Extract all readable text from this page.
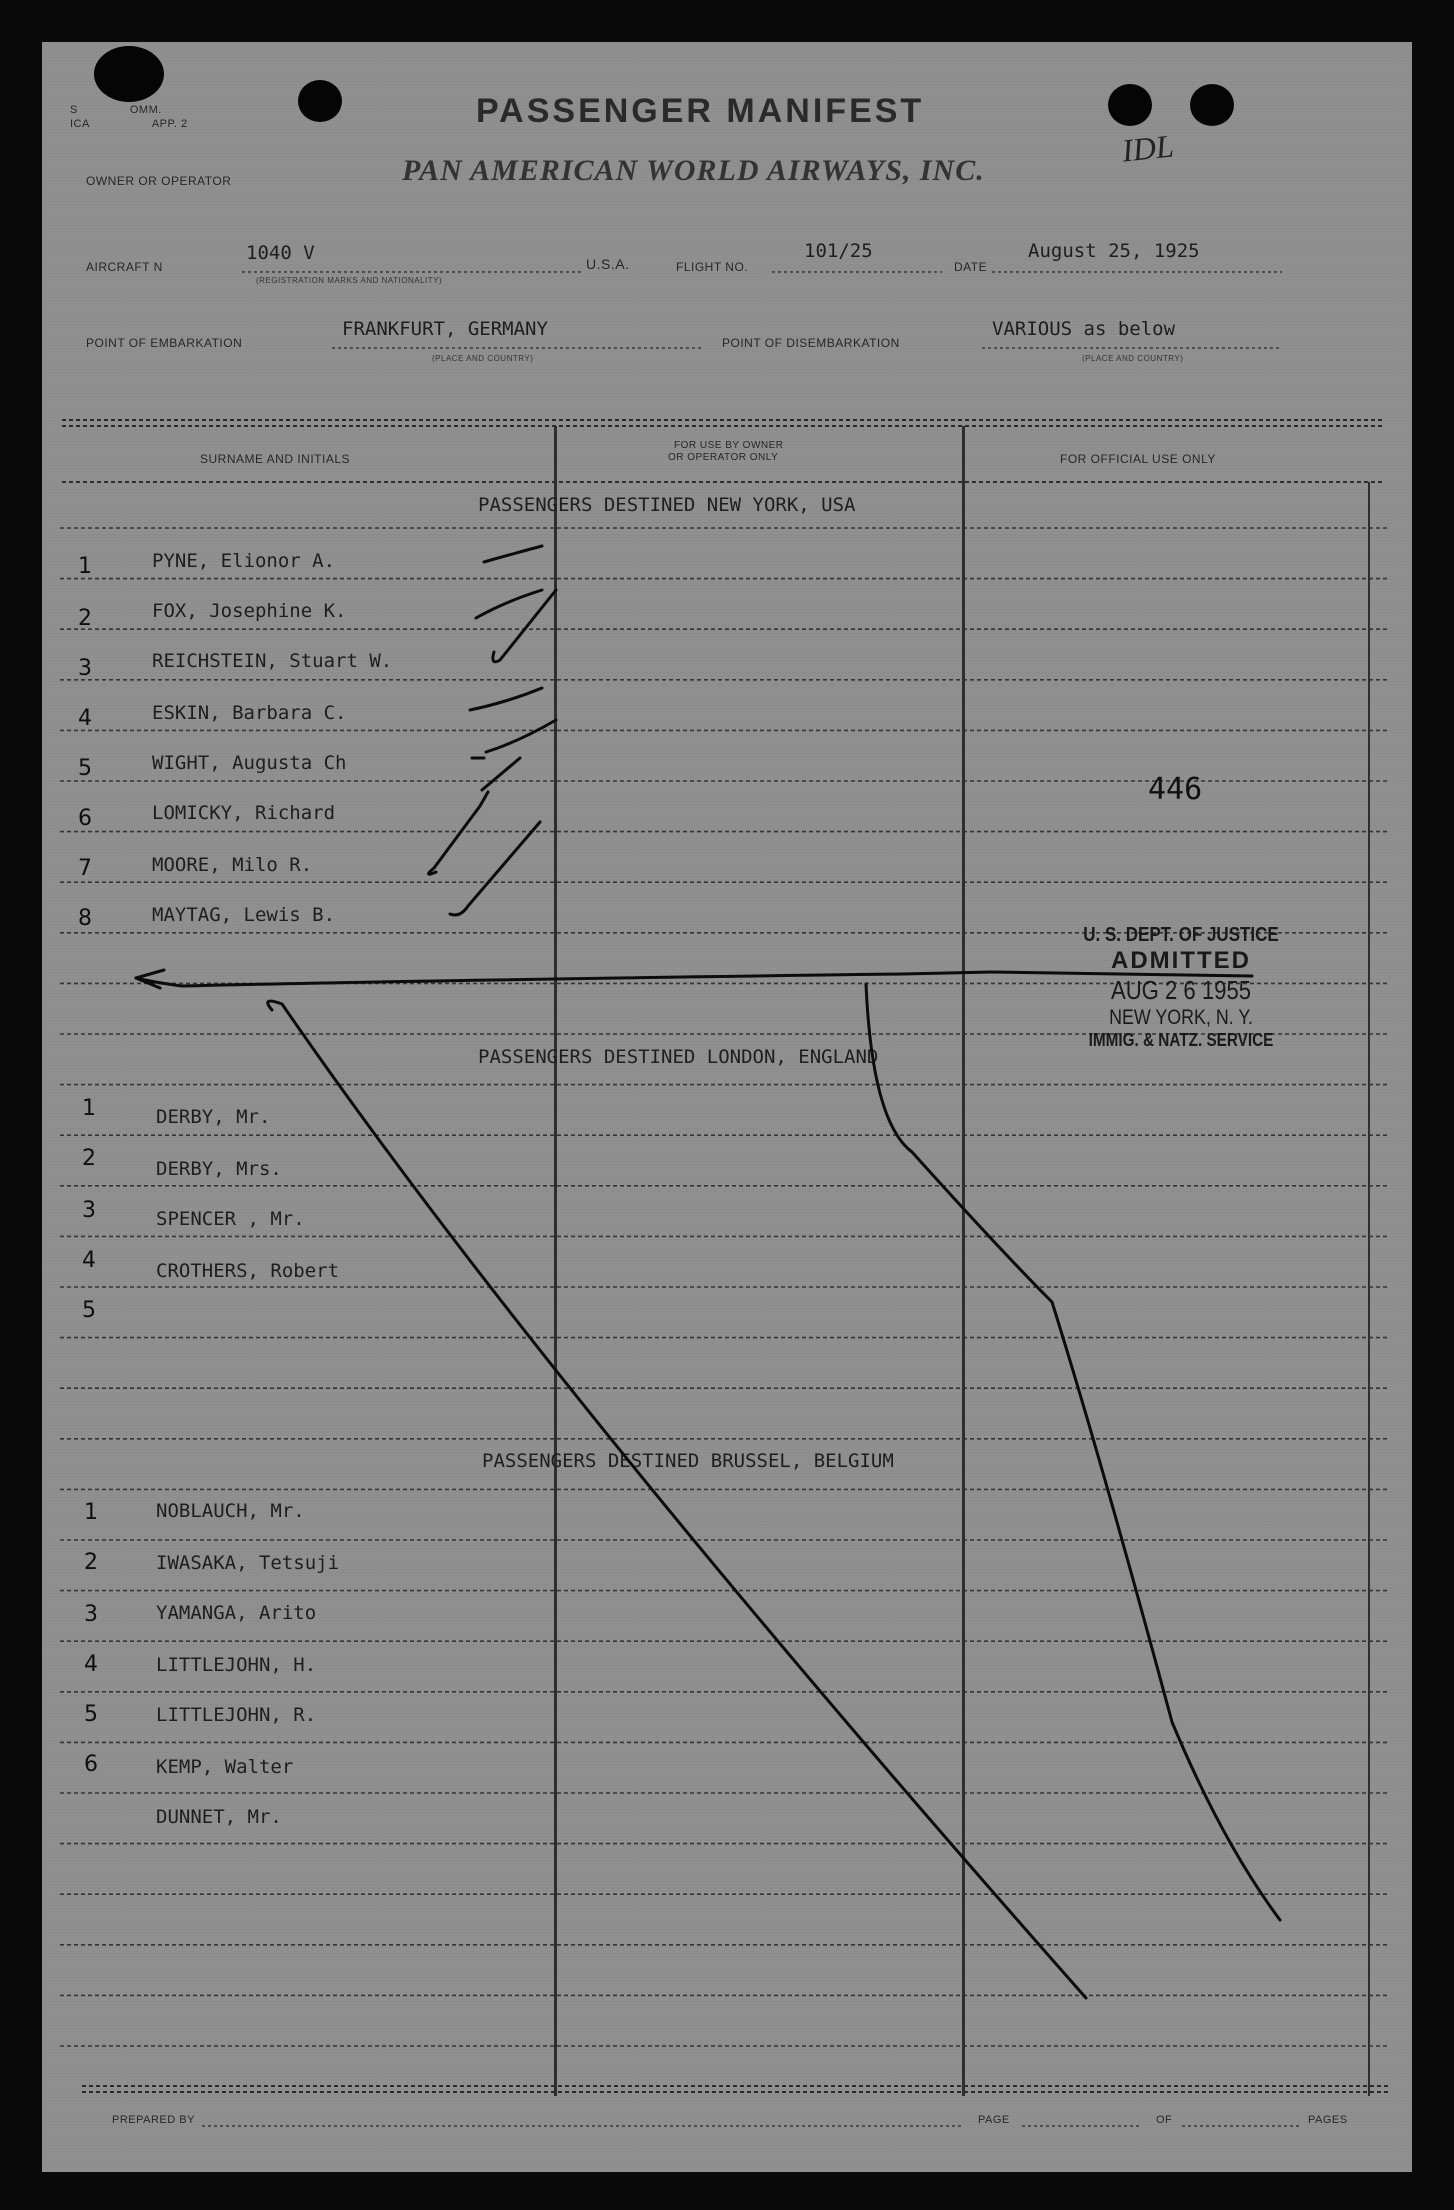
S	OMM.
ICA	APP. 2	PASSENGER MANIFEST
IDL
OWNER OR OPERATOR	PAN AMERICAN WORLD AIRWAYS, INC.
AIRCRAFT N
1040 V
(REGISTRATION MARKS AND NATIONALITY)
U.S.A.	FLIGHT NO.
101/25
DATE
August 25, 1925
POINT OF EMBARKATION
FRANKFURT, GERMANY
(PLACE AND COUNTRY)
POINT OF DISEMBARKATION
VARIOUS as below
(PLACE AND COUNTRY)
SURNAME AND INITIALS
FOR USE BY OWNER
OR OPERATOR ONLY	FOR OFFICIAL USE ONLY
PASSENGERS DESTINED NEW YORK, USA
1	PYNE, Elionor A.
2	FOX, Josephine K.
3	REICHSTEIN, Stuart W.
4	ESKIN, Barbara C.
5	WIGHT, Augusta Ch
6	LOMICKY, Richard
7	MOORE, Milo R.
8	MAYTAG, Lewis B.
PASSENGERS DESTINED LONDON, ENGLAND
1	DERBY, Mr.
2	DERBY, Mrs.
3	SPENCER , Mr.
4	CROTHERS, Robert
5
PASSENGERS DESTINED BRUSSEL, BELGIUM
1	NOBLAUCH, Mr.
2	IWASAKA, Tetsuji
3	YAMANGA, Arito
4	LITTLEJOHN, H.
5	LITTLEJOHN, R.
6	KEMP, Walter
DUNNET, Mr.
446
U. S. DEPT. OF JUSTICE
ADMITTED
AUG 2 6 1955
NEW YORK, N. Y.
IMMIG. & NATZ. SERVICE
PREPARED BY	PAGE	OF	PAGES
